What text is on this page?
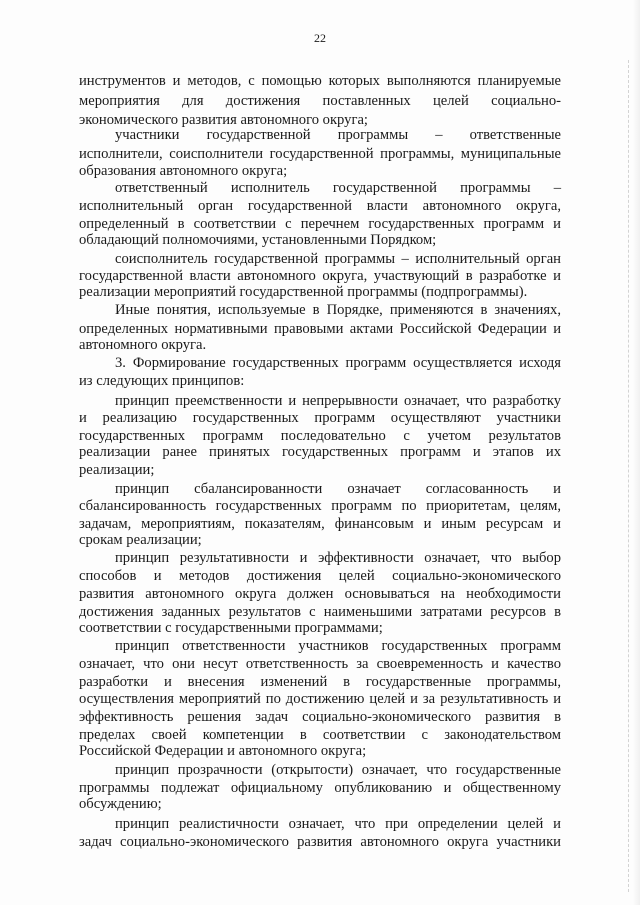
22
инструментов и методов, с помощью которых выполняются планируемые
мероприятия для достижения поставленных целей социально-
экономического развития автономного округа;
участники государственной программы – ответственные
исполнители, соисполнители государственной программы, муниципальные
образования автономного округа;
ответственный исполнитель государственной программы –
исполнительный орган государственной власти автономного округа,
определенный в соответствии с перечнем государственных программ и
обладающий полномочиями, установленными Порядком;
соисполнитель государственной программы – исполнительный орган
государственной власти автономного округа, участвующий в разработке и
реализации мероприятий государственной программы (подпрограммы).
Иные понятия, используемые в Порядке, применяются в значениях,
определенных нормативными правовыми актами Российской Федерации и
автономного округа.
3. Формирование государственных программ осуществляется исходя
из следующих принципов:
принцип преемственности и непрерывности означает, что разработку
и реализацию государственных программ осуществляют участники
государственных программ последовательно с учетом результатов
реализации ранее принятых государственных программ и этапов их
реализации;
принцип сбалансированности означает согласованность и
сбалансированность государственных программ по приоритетам, целям,
задачам, мероприятиям, показателям, финансовым и иным ресурсам и
срокам реализации;
принцип результативности и эффективности означает, что выбор
способов и методов достижения целей социально-экономического
развития автономного округа должен основываться на необходимости
достижения заданных результатов с наименьшими затратами ресурсов в
соответствии с государственными программами;
принцип ответственности участников государственных программ
означает, что они несут ответственность за своевременность и качество
разработки и внесения изменений в государственные программы,
осуществления мероприятий по достижению целей и за результативность и
эффективность решения задач социально-экономического развития в
пределах своей компетенции в соответствии с законодательством
Российской Федерации и автономного округа;
принцип прозрачности (открытости) означает, что государственные
программы подлежат официальному опубликованию и общественному
обсуждению;
принцип реалистичности означает, что при определении целей и
задач социально-экономического развития автономного округа участники
